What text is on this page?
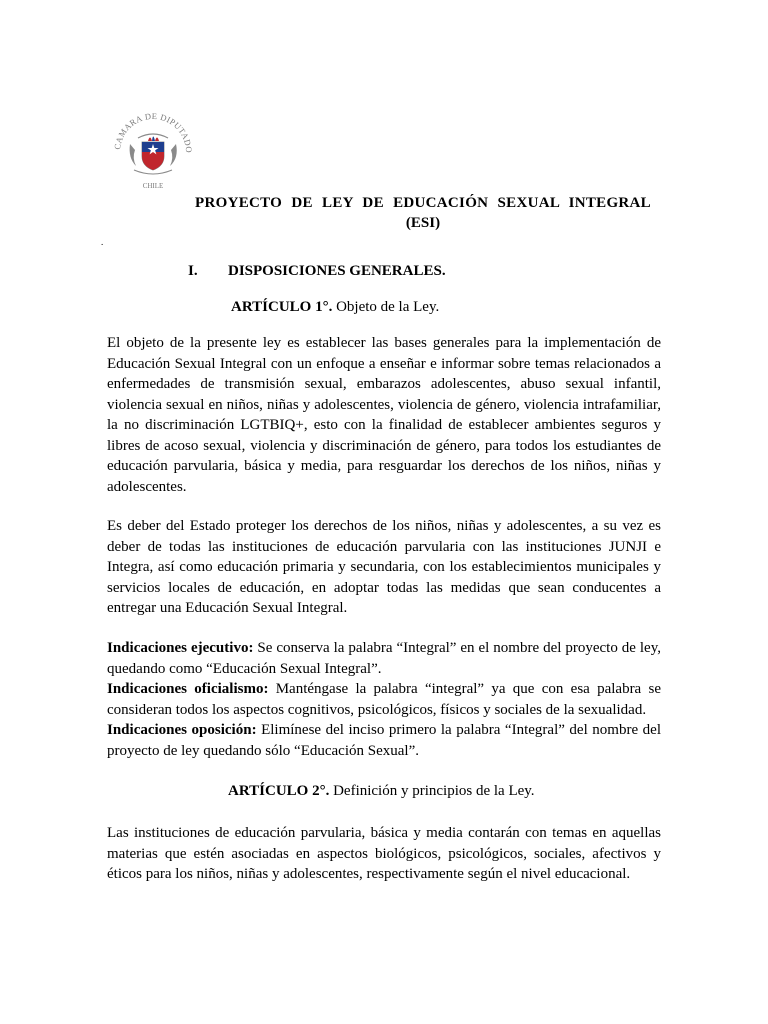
CAMARA DE DIPUTADO
CHILE
PROYECTO DE LEY DE EDUCACIÓN SEXUAL INTEGRAL
(ESI)
.
I. DISPOSICIONES GENERALES.
ARTÍCULO 1°. Objeto de la Ley.
El objeto de la presente ley es establecer las bases generales para la implementación de Educación Sexual Integral con un enfoque a enseñar e informar sobre temas relacionados a enfermedades de transmisión sexual, embarazos adolescentes, abuso sexual infantil, violencia sexual en niños, niñas y adolescentes, violencia de género, violencia intrafamiliar, la no discriminación LGTBIQ+, esto con la finalidad de establecer ambientes seguros y libres de acoso sexual, violencia y discriminación de género, para todos los estudiantes de educación parvularia, básica y media, para resguardar los derechos de los niños, niñas y adolescentes.
Es deber del Estado proteger los derechos de los niños, niñas y adolescentes, a su vez es deber de todas las instituciones de educación parvularia con las instituciones JUNJI e Integra, así como educación primaria y secundaria, con los establecimientos municipales y servicios locales de educación, en adoptar todas las medidas que sean conducentes a entregar una Educación Sexual Integral.
Indicaciones ejecutivo: Se conserva la palabra “Integral” en el nombre del proyecto de ley, quedando como “Educación Sexual Integral”.
Indicaciones oficialismo: Manténgase la palabra “integral” ya que con esa palabra se consideran todos los aspectos cognitivos, psicológicos, físicos y sociales de la sexualidad.
Indicaciones oposición: Elimínese del inciso primero la palabra “Integral” del nombre del proyecto de ley quedando sólo “Educación Sexual”.
ARTÍCULO 2°. Definición y principios de la Ley.
Las instituciones de educación parvularia, básica y media contarán con temas en aquellas materias que estén asociadas en aspectos biológicos, psicológicos, sociales, afectivos y éticos para los niños, niñas y adolescentes, respectivamente según el nivel educacional.
